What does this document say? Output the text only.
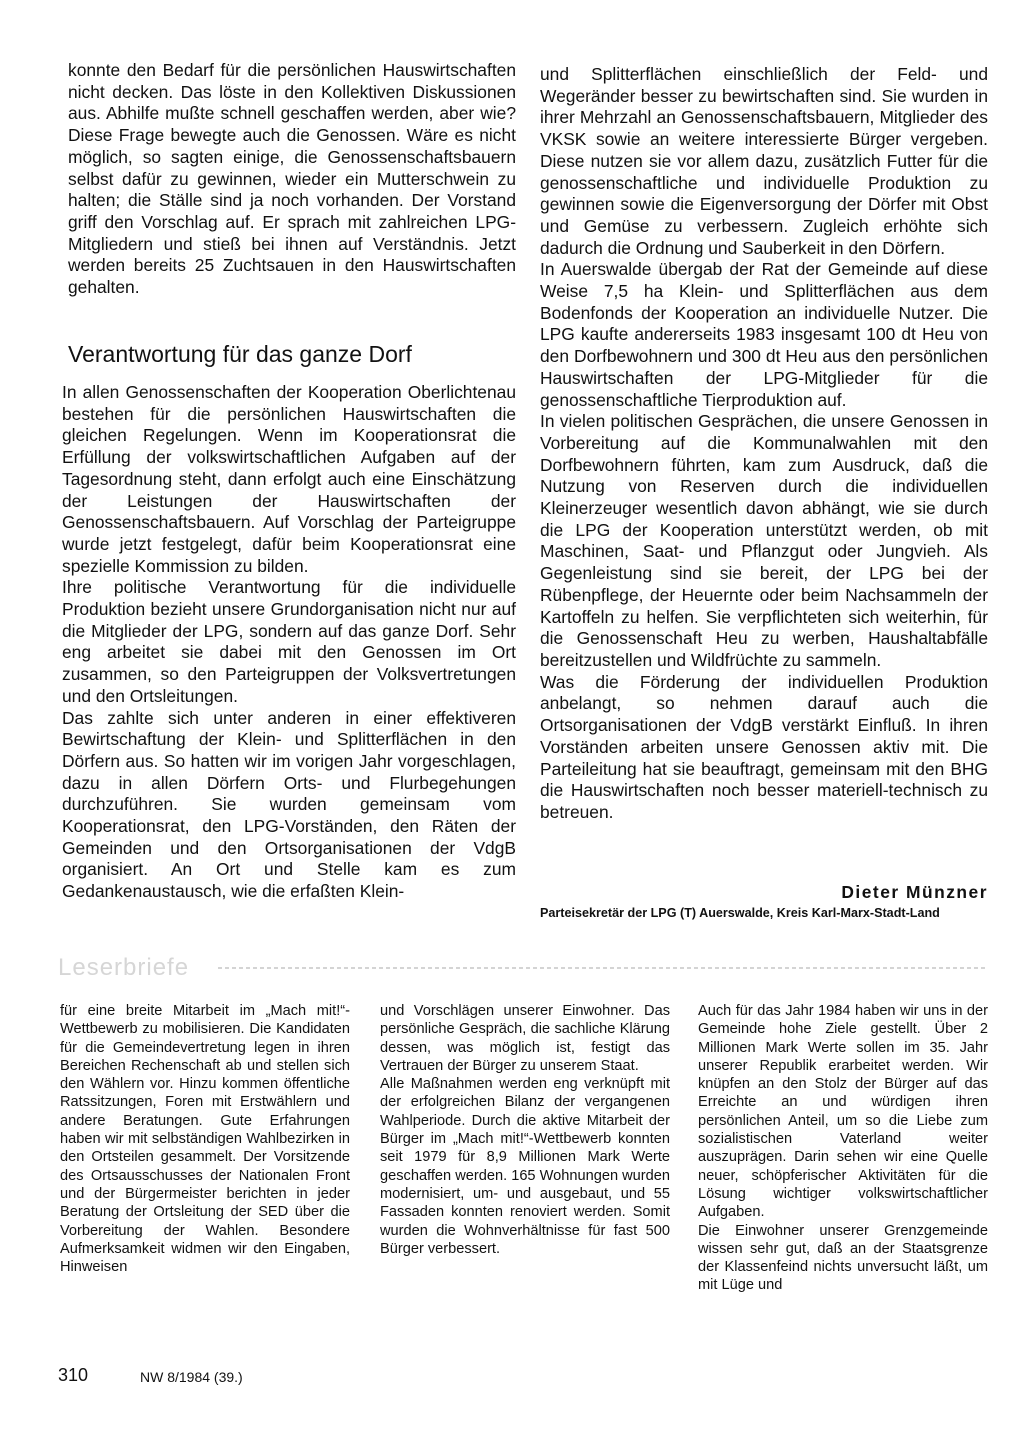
konnte den Bedarf für die persönlichen Hauswirtschaften nicht decken. Das löste in den Kollektiven Diskussionen aus. Abhilfe mußte schnell geschaffen werden, aber wie? Diese Frage bewegte auch die Genossen. Wäre es nicht möglich, so sagten einige, die Genossenschaftsbauern selbst dafür zu gewinnen, wieder ein Mutterschwein zu halten; die Ställe sind ja noch vorhanden. Der Vorstand griff den Vorschlag auf. Er sprach mit zahlreichen LPG-Mitgliedern und stieß bei ihnen auf Verständnis. Jetzt werden bereits 25 Zuchtsauen in den Hauswirtschaften gehalten.

Verantwortung für das ganze Dorf

In allen Genossenschaften der Kooperation Oberlichtenau bestehen für die persönlichen Hauswirtschaften die gleichen Regelungen. Wenn im Kooperationsrat die Erfüllung der volkswirtschaftlichen Aufgaben auf der Tagesordnung steht, dann erfolgt auch eine Einschätzung der Leistungen der Hauswirtschaften der Genossenschaftsbauern. Auf Vorschlag der Parteigruppe wurde jetzt festgelegt, dafür beim Kooperationsrat eine spezielle Kommission zu bilden.

Ihre politische Verantwortung für die individuelle Produktion bezieht unsere Grundorganisation nicht nur auf die Mitglieder der LPG, sondern auf das ganze Dorf. Sehr eng arbeitet sie dabei mit den Genossen im Ort zusammen, so den Parteigruppen der Volksvertretungen und den Ortsleitungen.

Das zahlte sich unter anderen in einer effektiveren Bewirtschaftung der Klein- und Splitterflächen in den Dörfern aus. So hatten wir im vorigen Jahr vorgeschlagen, dazu in allen Dörfern Orts- und Flurbegehungen durchzuführen. Sie wurden gemeinsam vom Kooperationsrat, den LPG-Vorständen, den Räten der Gemeinden und den Ortsorganisationen der VdgB organisiert. An Ort und Stelle kam es zum Gedankenaustausch, wie die erfaßten Klein-

und Splitterflächen einschließlich der Feld- und Wegeränder besser zu bewirtschaften sind. Sie wurden in ihrer Mehrzahl an Genossenschaftsbauern, Mitglieder des VKSK sowie an weitere interessierte Bürger vergeben. Diese nutzen sie vor allem dazu, zusätzlich Futter für die genossenschaftliche und individuelle Produktion zu gewinnen sowie die Eigenversorgung der Dörfer mit Obst und Gemüse zu verbessern. Zugleich erhöhte sich dadurch die Ordnung und Sauberkeit in den Dörfern.

In Auerswalde übergab der Rat der Gemeinde auf diese Weise 7,5 ha Klein- und Splitterflächen aus dem Bodenfonds der Kooperation an individuelle Nutzer. Die LPG kaufte andererseits 1983 insgesamt 100 dt Heu von den Dorfbewohnern und 300 dt Heu aus den persönlichen Hauswirtschaften der LPG-Mitglieder für die genossenschaftliche Tierproduktion auf.

In vielen politischen Gesprächen, die unsere Genossen in Vorbereitung auf die Kommunalwahlen mit den Dorfbewohnern führten, kam zum Ausdruck, daß die Nutzung von Reserven durch die individuellen Kleinerzeuger wesentlich davon abhängt, wie sie durch die LPG der Kooperation unterstützt werden, ob mit Maschinen, Saat- und Pflanzgut oder Jungvieh. Als Gegenleistung sind sie bereit, der LPG bei der Rübenpflege, der Heuernte oder beim Nachsammeln der Kartoffeln zu helfen. Sie verpflichteten sich weiterhin, für die Genossenschaft Heu zu werben, Haushaltabfälle bereitzustellen und Wildfrüchte zu sammeln.

Was die Förderung der individuellen Produktion anbelangt, so nehmen darauf auch die Ortsorganisationen der VdgB verstärkt Einfluß. In ihren Vorständen arbeiten unsere Genossen aktiv mit. Die Parteileitung hat sie beauftragt, gemeinsam mit den BHG die Hauswirtschaften noch besser materiell-technisch zu betreuen.

Dieter Münzner
Parteisekretär der LPG (T) Auerswalde, Kreis Karl-Marx-Stadt-Land
Leserbriefe

für eine breite Mitarbeit im „Mach mit!“-Wettbewerb zu mobilisieren. Die Kandidaten für die Gemeindevertretung legen in ihren Bereichen Rechenschaft ab und stellen sich den Wählern vor. Hinzu kommen öffentliche Ratssitzungen, Foren mit Erstwählern und andere Beratungen. Gute Erfahrungen haben wir mit selbständigen Wahlbezirken in den Ortsteilen gesammelt. Der Vorsitzende des Ortsausschusses der Nationalen Front und der Bürgermeister berichten in jeder Beratung der Ortsleitung der SED über die Vorbereitung der Wahlen. Besondere Aufmerksamkeit widmen wir den Eingaben, Hinweisen

und Vorschlägen unserer Einwohner. Das persönliche Gespräch, die sachliche Klärung dessen, was möglich ist, festigt das Vertrauen der Bürger zu unserem Staat.

Alle Maßnahmen werden eng verknüpft mit der erfolgreichen Bilanz der vergangenen Wahlperiode. Durch die aktive Mitarbeit der Bürger im „Mach mit!“-Wettbewerb konnten seit 1979 für 8,9 Millionen Mark Werte geschaffen werden. 165 Wohnungen wurden modernisiert, um- und ausgebaut, und 55 Fassaden konnten renoviert werden. Somit wurden die Wohnverhältnisse für fast 500 Bürger verbessert.

Auch für das Jahr 1984 haben wir uns in der Gemeinde hohe Ziele gestellt. Über 2 Millionen Mark Werte sollen im 35. Jahr unserer Republik erarbeitet werden. Wir knüpfen an den Stolz der Bürger auf das Erreichte an und würdigen ihren persönlichen Anteil, um so die Liebe zum sozialistischen Vaterland weiter auszuprägen. Darin sehen wir eine Quelle neuer, schöpferischer Aktivitäten für die Lösung wichtiger volkswirtschaftlicher Aufgaben.

Die Einwohner unserer Grenzgemeinde wissen sehr gut, daß an der Staatsgrenze der Klassenfeind nichts unversucht läßt, um mit Lüge und

310	NW 8/1984 (39.)
